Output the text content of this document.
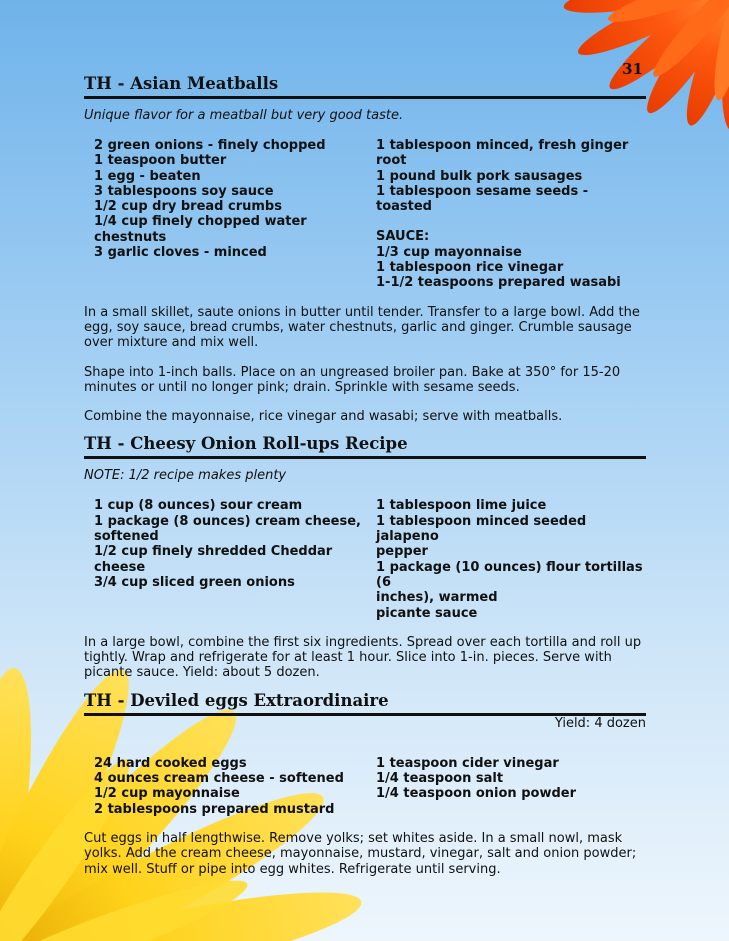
31
TH - Asian Meatballs

Unique flavor for a meatball but very good taste.

2 green onions - finely chopped
1 teaspoon butter
1 egg - beaten
3 tablespoons soy sauce
1/2 cup dry bread crumbs
1/4 cup finely chopped water
chestnuts
3 garlic cloves - minced
1 tablespoon minced, fresh ginger
root
1 pound bulk pork sausages
1 tablespoon sesame seeds - toasted
SAUCE:
1/3 cup mayonnaise
1 tablespoon rice vinegar
1-1/2 teaspoons prepared wasabi

In a small skillet, saute onions in butter until tender. Transfer to a large bowl. Add the egg, soy sauce, bread crumbs, water chestnuts, garlic and ginger. Crumble sausage over mixture and mix well.

Shape into 1-inch balls. Place on an ungreased broiler pan. Bake at 350° for 15-20 minutes or until no longer pink; drain. Sprinkle with sesame seeds.

Combine the mayonnaise, rice vinegar and wasabi; serve with meatballs.

TH - Cheesy Onion Roll-ups Recipe

NOTE: 1/2 recipe makes plenty

1 cup (8 ounces) sour cream
1 package (8 ounces) cream cheese,
softened
1/2 cup finely shredded Cheddar
cheese
3/4 cup sliced green onions
1 tablespoon lime juice
1 tablespoon minced seeded jalapeno
pepper
1 package (10 ounces) flour tortillas
(6
inches), warmed
picante sauce

In a large bowl, combine the first six ingredients. Spread over each tortilla and roll up tightly. Wrap and refrigerate for at least 1 hour. Slice into 1-in. pieces. Serve with picante sauce. Yield: about 5 dozen.

TH - Deviled eggs Extraordinaire

Yield: 4 dozen

24 hard cooked eggs
4 ounces cream cheese - softened
1/2 cup mayonnaise
2 tablespoons prepared mustard
1 teaspoon cider vinegar
1/4 teaspoon salt
1/4 teaspoon onion powder

Cut eggs in half lengthwise. Remove yolks; set whites aside. In a small nowl, mask yolks. Add the cream cheese, mayonnaise, mustard, vinegar, salt and onion powder; mix well. Stuff or pipe into egg whites. Refrigerate until serving.
